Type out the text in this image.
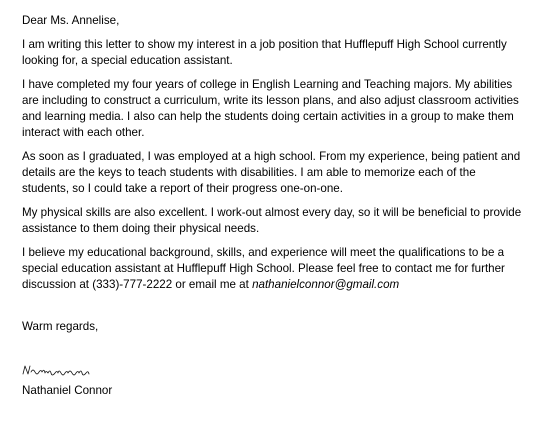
Dear Ms. Annelise,

I am writing this letter to show my interest in a job position that Hufflepuff High School currently looking for, a special education assistant.

I have completed my four years of college in English Learning and Teaching majors. My abilities are including to construct a curriculum, write its lesson plans, and also adjust classroom activities and learning media. I also can help the students doing certain activities in a group to make them interact with each other.

As soon as I graduated, I was employed at a high school. From my experience, being patient and details are the keys to teach students with disabilities. I am able to memorize each of the students, so I could take a report of their progress one-on-one.

My physical skills are also excellent. I work-out almost every day, so it will be beneficial to provide assistance to them doing their physical needs.

I believe my educational background, skills, and experience will meet the qualifications to be a special education assistant at Hufflepuff High School. Please feel free to contact me for further discussion at (333)-777-2222 or email me at nathanielconnor@gmail.com

Warm regards,

Nathaniel Connor
